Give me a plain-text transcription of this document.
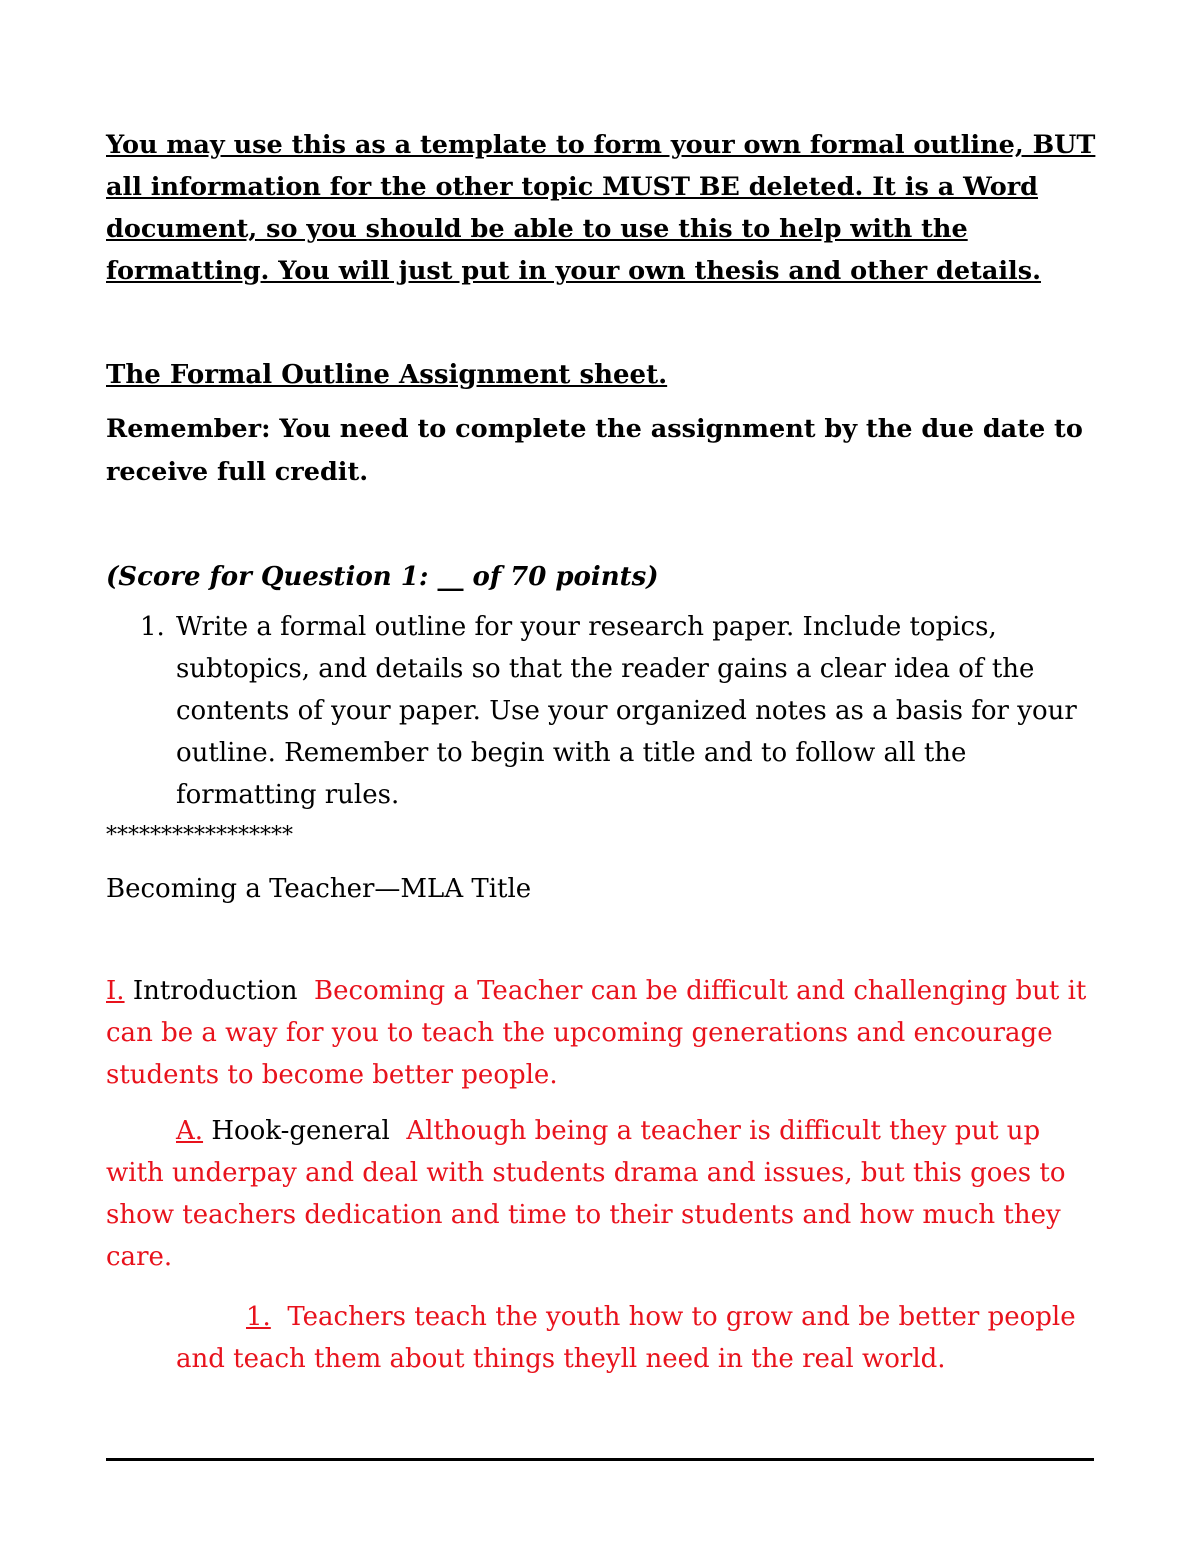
You may use this as a template to form your own formal outline, BUT all information for the other topic MUST BE deleted. It is a Word document, so you should be able to use this to help with the formatting. You will just put in your own thesis and other details.

The Formal Outline Assignment sheet.

Remember: You need to complete the assignment by the due date to receive full credit.

(Score for Question 1: __ of 70 points)

1. Write a formal outline for your research paper. Include topics, subtopics, and details so that the reader gains a clear idea of the contents of your paper. Use your organized notes as a basis for your outline. Remember to begin with a title and to follow all the formatting rules.

*****************

Becoming a Teacher—MLA Title

I. Introduction Becoming a Teacher can be difficult and challenging but it can be a way for you to teach the upcoming generations and encourage students to become better people.

A. Hook-general Although being a teacher is difficult they put up with underpay and deal with students drama and issues, but this goes to show teachers dedication and time to their students and how much they care.

1. Teachers teach the youth how to grow and be better people and teach them about things theyll need in the real world.
